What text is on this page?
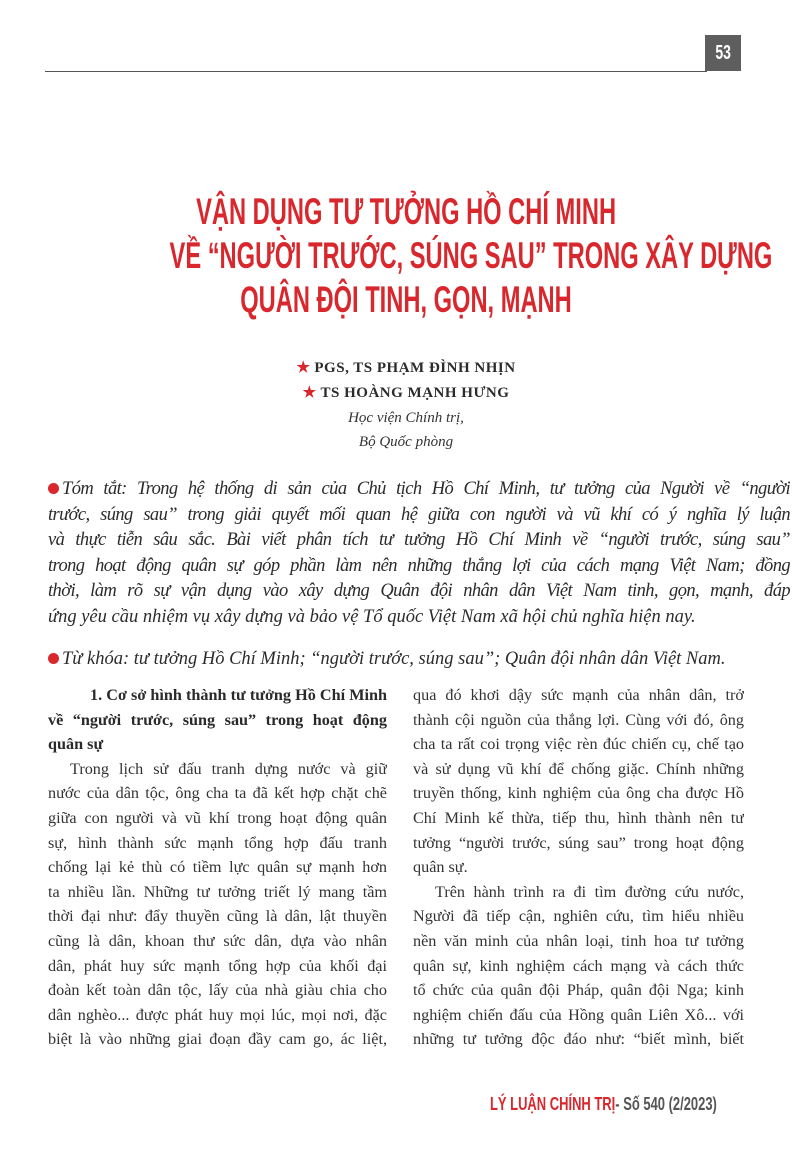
53
VẬN DỤNG TƯ TƯỞNG HỒ CHÍ MINH
VỀ “NGƯỜI TRƯỚC, SÚNG SAU” TRONG XÂY DỰNG
QUÂN ĐỘI TINH, GỌN, MẠNH
★ PGS, TS PHẠM ĐÌNH NHỊN
★ TS HOÀNG MẠNH HƯNG
Học viện Chính trị,
Bộ Quốc phòng
Tóm tắt: Trong hệ thống di sản của Chủ tịch Hồ Chí Minh, tư tưởng của Người về “người
trước, súng sau” trong giải quyết mối quan hệ giữa con người và vũ khí có ý nghĩa lý luận
và thực tiễn sâu sắc. Bài viết phân tích tư tưởng Hồ Chí Minh về “người trước, súng sau”
trong hoạt động quân sự góp phần làm nên những thắng lợi của cách mạng Việt Nam; đồng
thời, làm rõ sự vận dụng vào xây dựng Quân đội nhân dân Việt Nam tinh, gọn, mạnh, đáp
ứng yêu cầu nhiệm vụ xây dựng và bảo vệ Tổ quốc Việt Nam xã hội chủ nghĩa hiện nay.
Từ khóa: tư tưởng Hồ Chí Minh; “người trước, súng sau”; Quân đội nhân dân Việt Nam.
1. Cơ sở hình thành tư tưởng Hồ Chí Minh
về “người trước, súng sau” trong hoạt động
quân sự
Trong lịch sử đấu tranh dựng nước và giữ
nước của dân tộc, ông cha ta đã kết hợp chặt chẽ
giữa con người và vũ khí trong hoạt động quân
sự, hình thành sức mạnh tổng hợp đấu tranh
chống lại kẻ thù có tiềm lực quân sự mạnh hơn
ta nhiều lần. Những tư tưởng triết lý mang tầm
thời đại như: đẩy thuyền cũng là dân, lật thuyền
cũng là dân, khoan thư sức dân, dựa vào nhân
dân, phát huy sức mạnh tổng hợp của khối đại
đoàn kết toàn dân tộc, lấy của nhà giàu chia cho
dân nghèo... được phát huy mọi lúc, mọi nơi, đặc
biệt là vào những giai đoạn đầy cam go, ác liệt,
qua đó khơi dậy sức mạnh của nhân dân, trở
thành cội nguồn của thắng lợi. Cùng với đó, ông
cha ta rất coi trọng việc rèn đúc chiến cụ, chế tạo
và sử dụng vũ khí để chống giặc. Chính những
truyền thống, kinh nghiệm của ông cha được Hồ
Chí Minh kế thừa, tiếp thu, hình thành nên tư
tưởng “người trước, súng sau” trong hoạt động
quân sự.
Trên hành trình ra đi tìm đường cứu nước,
Người đã tiếp cận, nghiên cứu, tìm hiểu nhiều
nền văn minh của nhân loại, tinh hoa tư tưởng
quân sự, kinh nghiệm cách mạng và cách thức
tổ chức của quân đội Pháp, quân đội Nga; kinh
nghiệm chiến đấu của Hồng quân Liên Xô... với
những tư tưởng độc đáo như: “biết mình, biết
LÝ LUẬN CHÍNH TRỊ- Số 540 (2/2023)
